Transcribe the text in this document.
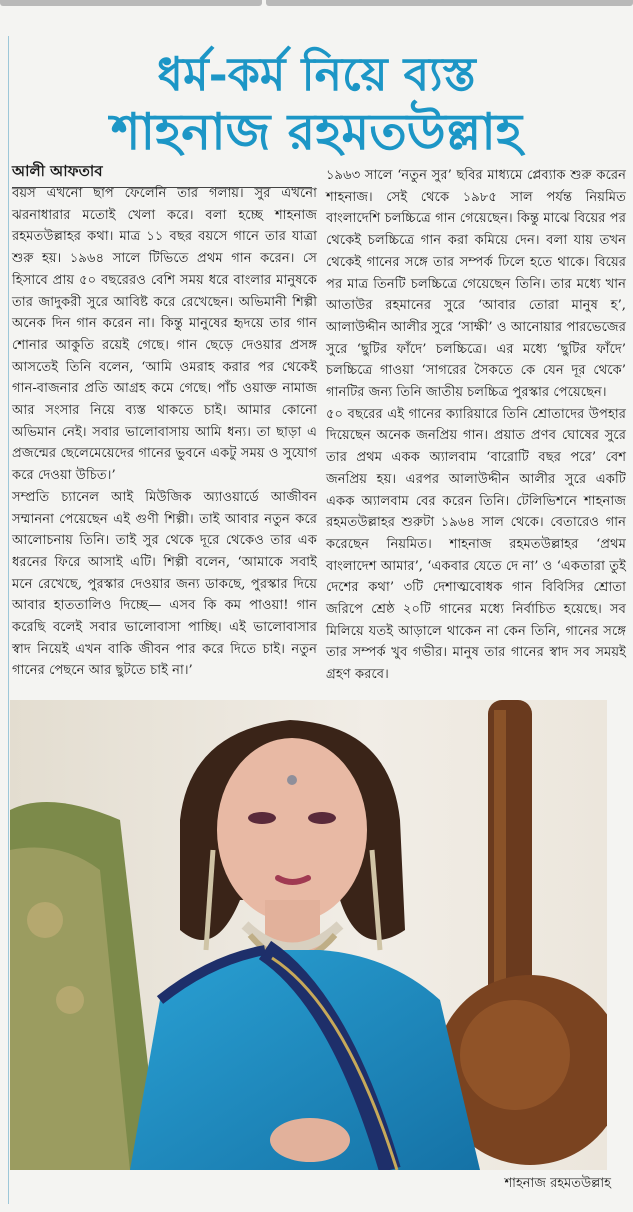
ধর্ম-কর্ম নিয়ে ব্যস্ত
শাহনাজ রহমতউল্লাহ
আলী আফতাব

বয়স এখনো ছাপ ফেলেনি তার গলায়। সুর এখনো ঝরনাধারার মতোই খেলা করে। বলা হচ্ছে শাহনাজ রহমতউল্লাহর কথা। মাত্র ১১ বছর বয়সে গানে তার যাত্রা শুরু হয়। ১৯৬৪ সালে টিভিতে প্রথম গান করেন। সে হিসাবে প্রায় ৫০ বছরেরও বেশি সময় ধরে বাংলার মানুষকে তার জাদুকরী সুরে আবিষ্ট করে রেখেছেন। অভিমানী শিল্পী অনেক দিন গান করেন না। কিন্তু মানুষের হৃদয়ে তার গান শোনার আকুতি রয়েই গেছে। গান ছেড়ে দেওয়ার প্রসঙ্গ আসতেই তিনি বলেন, ‘আমি ওমরাহ করার পর থেকেই গান-বাজনার প্রতি আগ্রহ কমে গেছে। পাঁচ ওয়াক্ত নামাজ আর সংসার নিয়ে ব্যস্ত থাকতে চাই। আমার কোনো অভিমান নেই। সবার ভালোবাসায় আমি ধন্য। তা ছাড়া এ প্রজন্মের ছেলেমেয়েদের গানের ভুবনে একটু সময় ও সুযোগ করে দেওয়া উচিত।’

সম্প্রতি চ্যানেল আই মিউজিক অ্যাওয়ার্ডে আজীবন সম্মাননা পেয়েছেন এই গুণী শিল্পী। তাই আবার নতুন করে আলোচনায় তিনি। তাই সুর থেকে দূরে থেকেও তার এক ধরনের ফিরে আসাই এটি। শিল্পী বলেন, ‘আমাকে সবাই মনে রেখেছে, পুরস্কার দেওয়ার জন্য ডাকছে, পুরস্কার দিয়ে আবার হাততালিও দিচ্ছে— এসব কি কম পাওয়া! গান করেছি বলেই সবার ভালোবাসা পাচ্ছি। এই ভালোবাসার স্বাদ নিয়েই এখন বাকি জীবন পার করে দিতে চাই। নতুন গানের পেছনে আর ছুটতে চাই না।’

১৯৬৩ সালে ‘নতুন সুর’ ছবির মাধ্যমে প্লেব্যাক শুরু করেন শাহনাজ। সেই থেকে ১৯৮৫ সাল পর্যন্ত নিয়মিত বাংলাদেশি চলচ্চিত্রে গান গেয়েছেন। কিন্তু মাঝে বিয়ের পর থেকেই চলচ্চিত্রে গান করা কমিয়ে দেন। বলা যায় তখন থেকেই গানের সঙ্গে তার সম্পর্ক ঢিলে হতে থাকে। বিয়ের পর মাত্র তিনটি চলচ্চিত্রে গেয়েছেন তিনি। তার মধ্যে খান আতাউর রহমানের সুরে ‘আবার তোরা মানুষ হ’, আলাউদ্দীন আলীর সুরে ‘সাক্ষী’ ও আনোয়ার পারভেজের সুরে ‘ছুটির ফাঁদে’ চলচ্চিত্রে। এর মধ্যে ‘ছুটির ফাঁদে’ চলচ্চিত্রে গাওয়া ‘সাগরের সৈকতে কে যেন দূর থেকে’ গানটির জন্য তিনি জাতীয় চলচ্চিত্র পুরস্কার পেয়েছেন।

৫০ বছরের এই গানের ক্যারিয়ারে তিনি শ্রোতাদের উপহার দিয়েছেন অনেক জনপ্রিয় গান। প্রয়াত প্রণব ঘোষের সুরে তার প্রথম একক অ্যালবাম ‘বারোটি বছর পরে’ বেশ জনপ্রিয় হয়। এরপর আলাউদ্দীন আলীর সুরে একটি একক অ্যালবাম বের করেন তিনি। টেলিভিশনে শাহনাজ রহমতউল্লাহর শুরুটা ১৯৬৪ সাল থেকে। বেতারেও গান করেছেন নিয়মিত। শাহনাজ রহমতউল্লাহর ‘প্রথম বাংলাদেশ আমার’, ‘একবার যেতে দে না’ ও ‘একতারা তুই দেশের কথা’ ৩টি দেশাত্মবোধক গান বিবিসির শ্রোতা জরিপে শ্রেষ্ঠ ২০টি গানের মধ্যে নির্বাচিত হয়েছে। সব মিলিয়ে যতই আড়ালে থাকেন না কেন তিনি, গানের সঙ্গে তার সম্পর্ক খুব গভীর। মানুষ তার গানের স্বাদ সব সময়ই গ্রহণ করবে।

শাহনাজ রহমতউল্লাহ
